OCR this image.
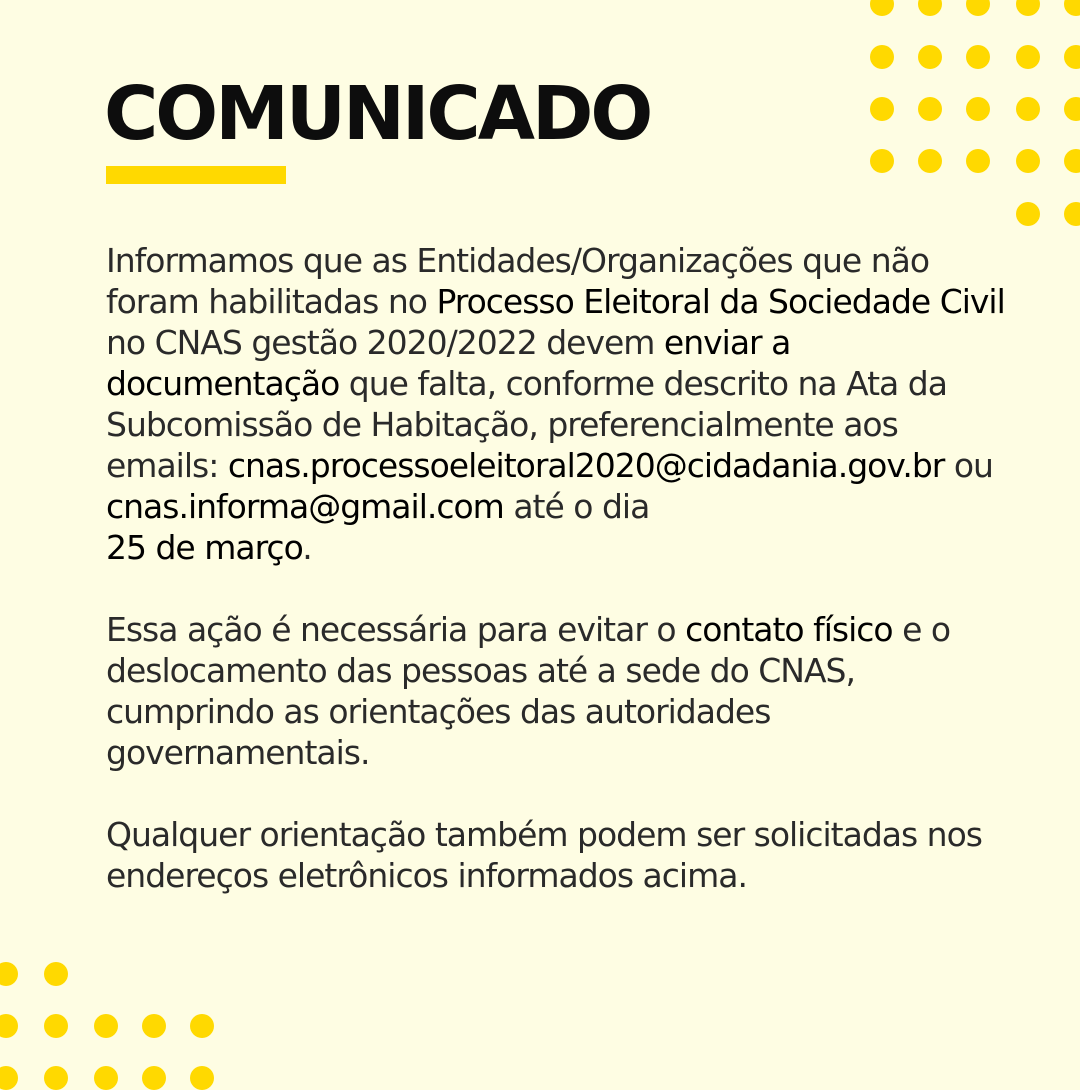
COMUNICADO

Informamos que as Entidades/Organizações que não foram habilitadas no Processo Eleitoral da Sociedade Civil no CNAS gestão 2020/2022 devem enviar a documentação que falta, conforme descrito na Ata da Subcomissão de Habitação, preferencialmente aos emails: cnas.processoeleitoral2020@cidadania.gov.br ou cnas.informa@gmail.com até o dia
25 de março.

Essa ação é necessária para evitar o contato físico e o deslocamento das pessoas até a sede do CNAS, cumprindo as orientações das autoridades governamentais.

Qualquer orientação também podem ser solicitadas nos endereços eletrônicos informados acima.
